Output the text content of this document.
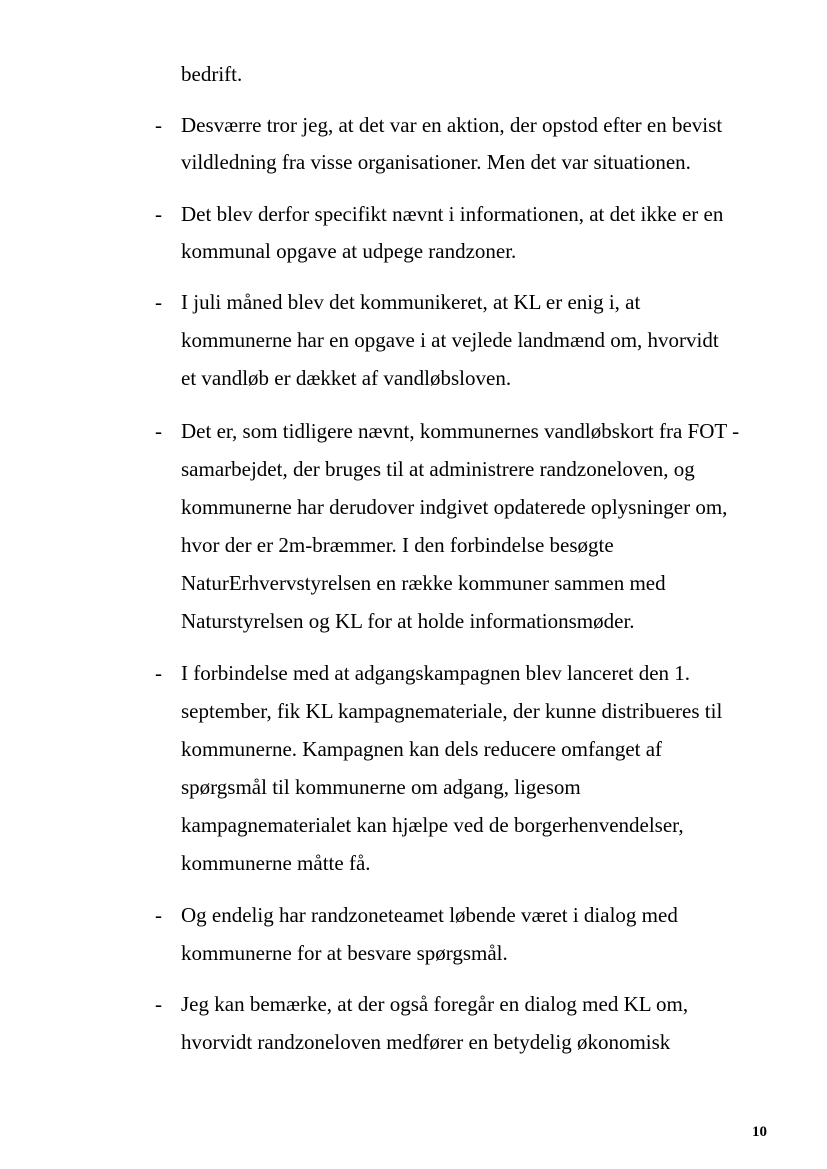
bedrift.
- Desværre tror jeg, at det var en aktion, der opstod efter en bevist
vildledning fra visse organisationer. Men det var situationen.
- Det blev derfor specifikt nævnt i informationen, at det ikke er en
kommunal opgave at udpege randzoner.
- I juli måned blev det kommunikeret, at KL er enig i, at
kommunerne har en opgave i at vejlede landmænd om, hvorvidt
et vandløb er dækket af vandløbsloven.
- Det er, som tidligere nævnt, kommunernes vandløbskort fra FOT -
samarbejdet, der bruges til at administrere randzoneloven, og
kommunerne har derudover indgivet opdaterede oplysninger om,
hvor der er 2m-bræmmer. I den forbindelse besøgte
NaturErhvervstyrelsen en række kommuner sammen med
Naturstyrelsen og KL for at holde informationsmøder.
- I forbindelse med at adgangskampagnen blev lanceret den 1.
september, fik KL kampagnemateriale, der kunne distribueres til
kommunerne. Kampagnen kan dels reducere omfanget af
spørgsmål til kommunerne om adgang, ligesom
kampagnematerialet kan hjælpe ved de borgerhenvendelser,
kommunerne måtte få.
- Og endelig har randzoneteamet løbende været i dialog med
kommunerne for at besvare spørgsmål.
- Jeg kan bemærke, at der også foregår en dialog med KL om,
hvorvidt randzoneloven medfører en betydelig økonomisk
10
